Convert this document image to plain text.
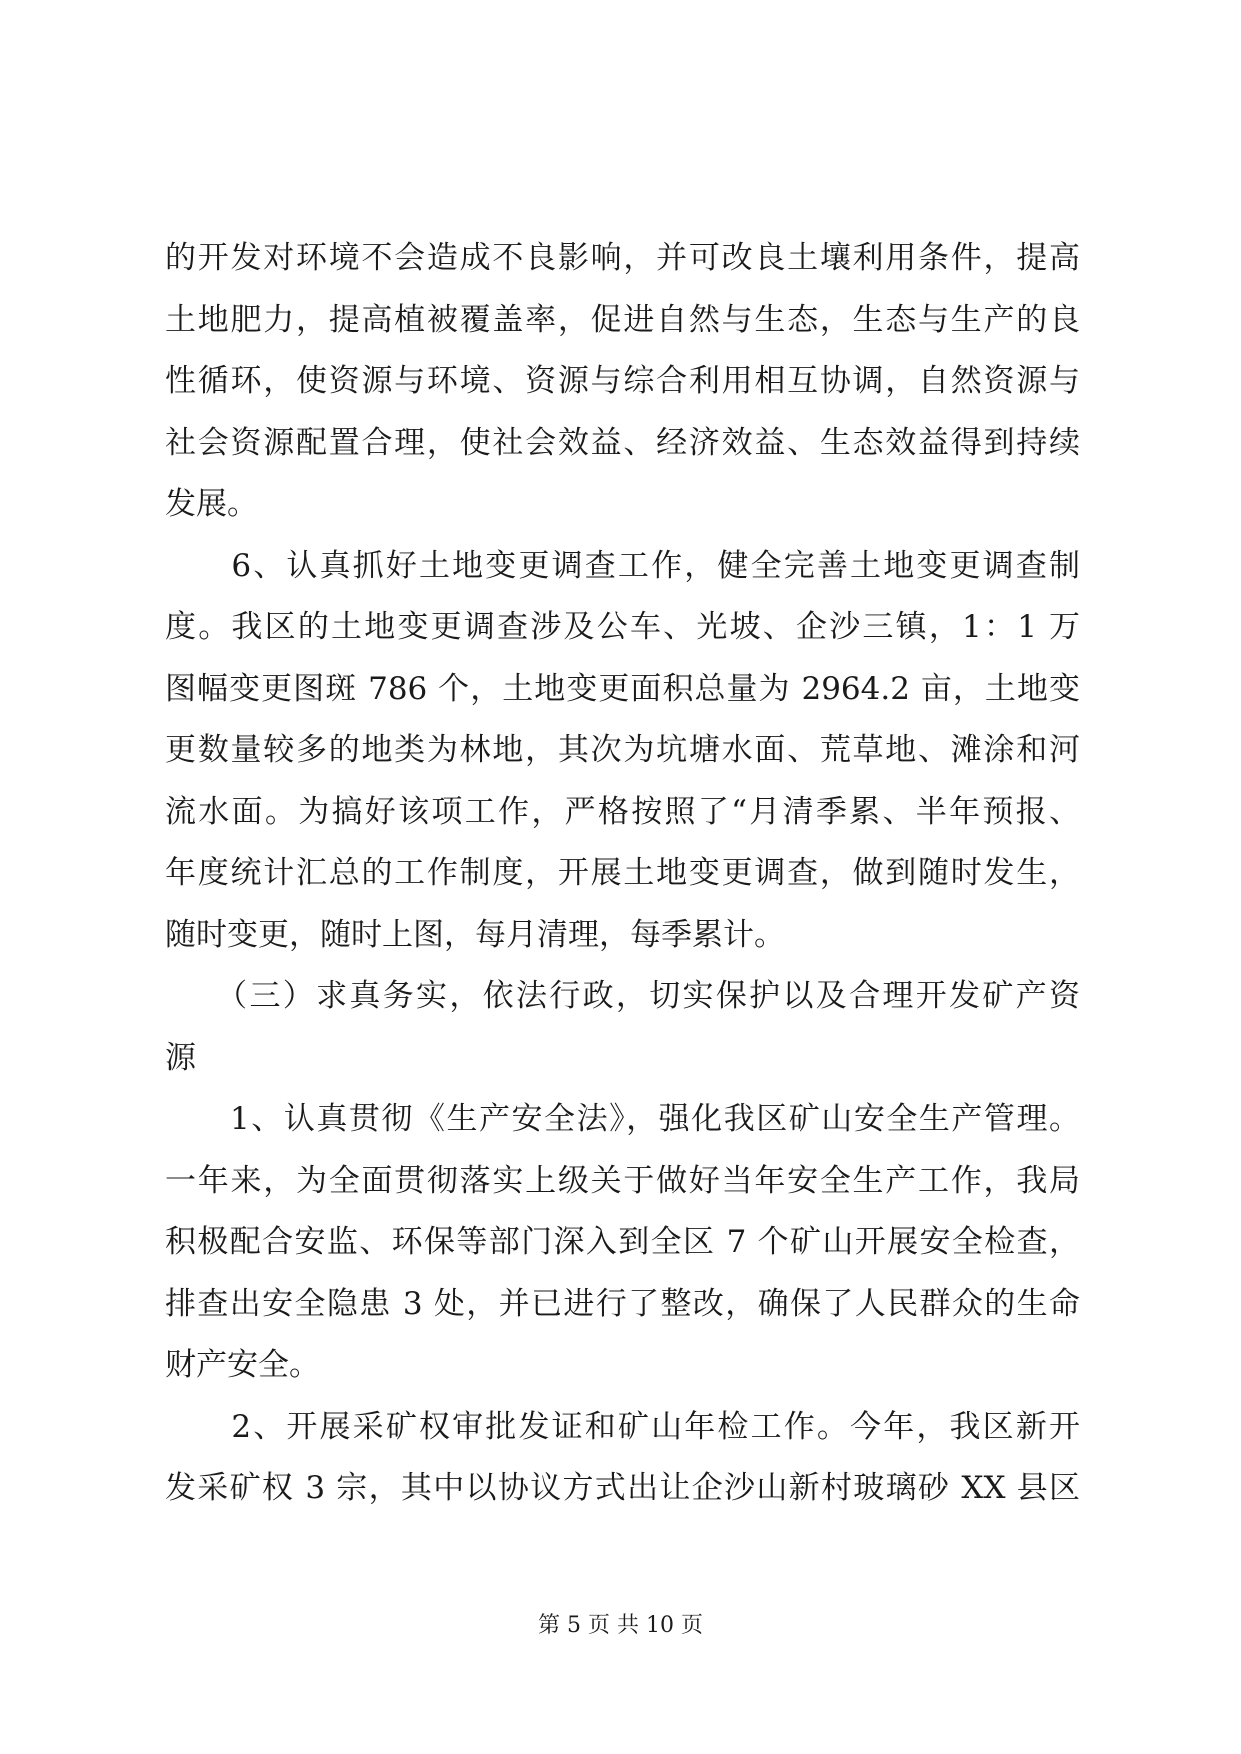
的开发对环境不会造成不良影响，并可改良土壤利用条件，提高
土地肥力，提高植被覆盖率，促进自然与生态，生态与生产的良
性循环，使资源与环境、资源与综合利用相互协调，自然资源与
社会资源配置合理，使社会效益、经济效益、生态效益得到持续
发展。
　　6、认真抓好土地变更调查工作，健全完善土地变更调查制
度。我区的土地变更调查涉及公车、光坡、企沙三镇，1：1 万
图幅变更图斑 786 个，土地变更面积总量为 2964.2 亩，土地变
更数量较多的地类为林地，其次为坑塘水面、荒草地、滩涂和河
流水面。为搞好该项工作，严格按照了“月清季累、半年预报、
年度统计汇总的工作制度，开展土地变更调查，做到随时发生，
随时变更，随时上图，每月清理，每季累计。
　　（三）求真务实，依法行政，切实保护以及合理开发矿产资
源
　　1、认真贯彻《生产安全法》，强化我区矿山安全生产管理。
一年来，为全面贯彻落实上级关于做好当年安全生产工作，我局
积极配合安监、环保等部门深入到全区 7 个矿山开展安全检查，
排查出安全隐患 3 处，并已进行了整改，确保了人民群众的生命
财产安全。
　　2、开展采矿权审批发证和矿山年检工作。今年，我区新开
发采矿权 3 宗，其中以协议方式出让企沙山新村玻璃砂 XX 县区
第 5 页 共 10 页
